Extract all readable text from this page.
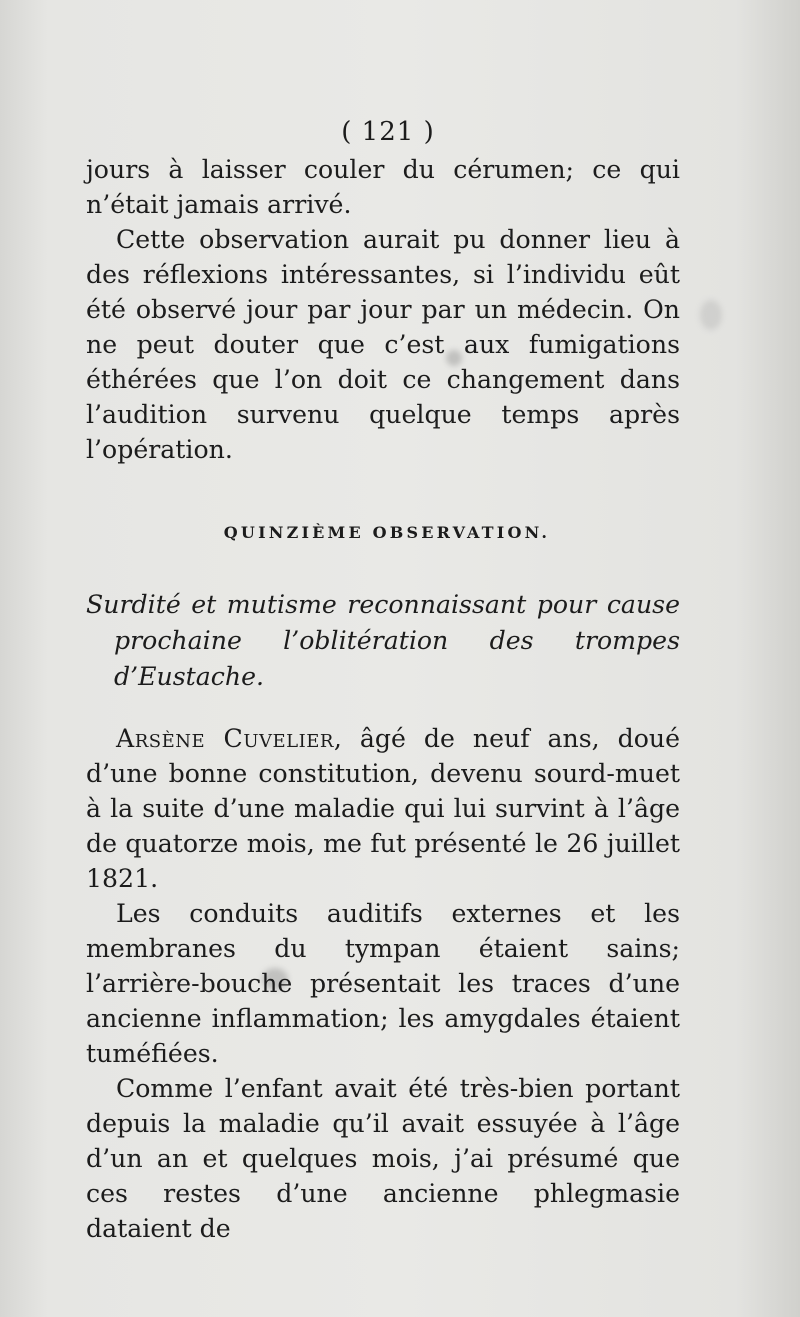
( 121 )

jours à laisser couler du cérumen; ce qui n’était jamais arrivé.

Cette observation aurait pu donner lieu à des réflexions intéressantes, si l’individu eût été observé jour par jour par un médecin. On ne peut douter que c’est aux fumigations éthérées que l’on doit ce changement dans l’audition survenu quelque temps après l’opération.

QUINZIÈME OBSERVATION.

Surdité et mutisme reconnaissant pour cause prochaine l’oblitération des trompes d’Eustache.

Arsène Cuvelier, âgé de neuf ans, doué d’une bonne constitution, devenu sourd-muet à la suite d’une maladie qui lui survint à l’âge de quatorze mois, me fut présenté le 26 juillet 1821.

Les conduits auditifs externes et les membranes du tympan étaient sains; l’arrière-bouche présentait les traces d’une ancienne inflammation; les amygdales étaient tuméfiées.

Comme l’enfant avait été très-bien portant depuis la maladie qu’il avait essuyée à l’âge d’un an et quelques mois, j’ai présumé que ces restes d’une ancienne phlegmasie dataient de
